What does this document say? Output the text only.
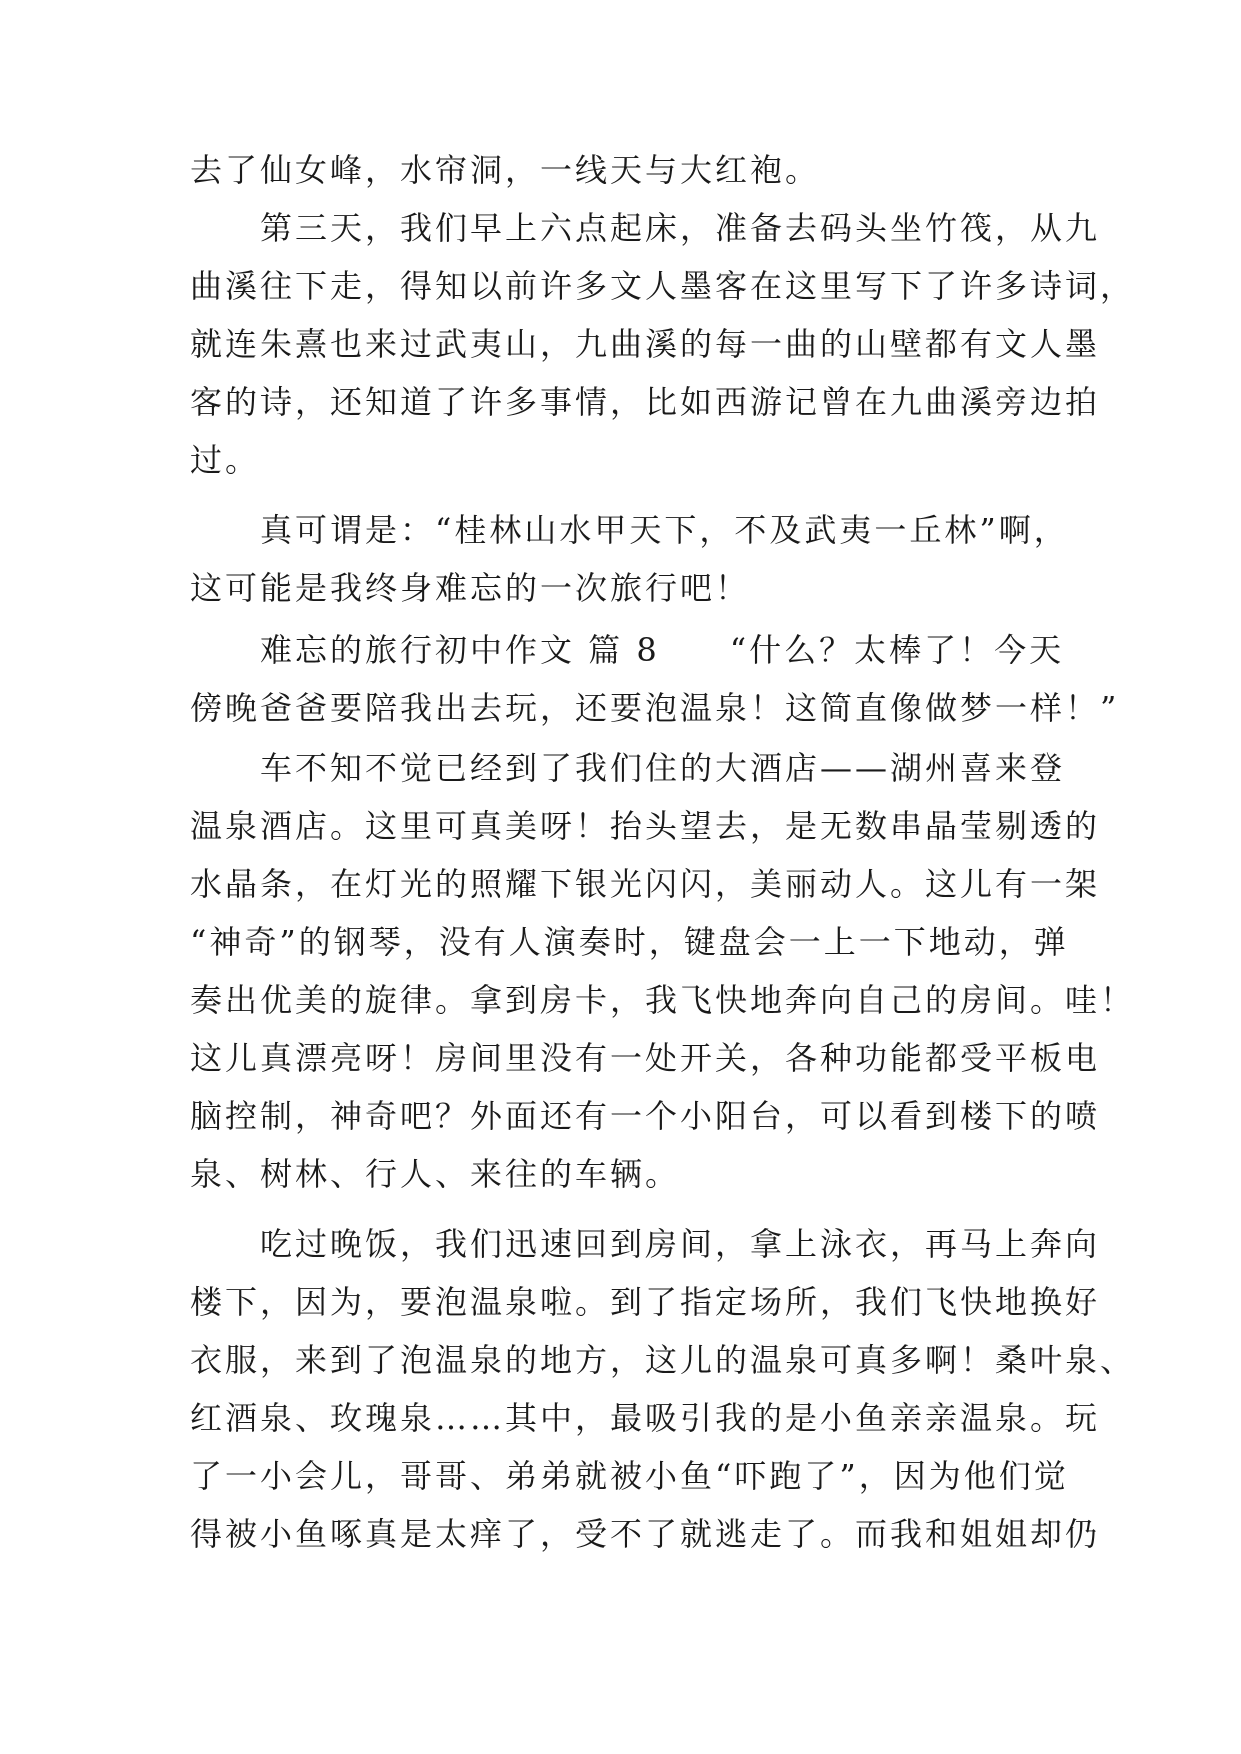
去了仙女峰，水帘洞，一线天与大红袍。
　　第三天，我们早上六点起床，准备去码头坐竹筏，从九
曲溪往下走，得知以前许多文人墨客在这里写下了许多诗词，
就连朱熹也来过武夷山，九曲溪的每一曲的山壁都有文人墨
客的诗，还知道了许多事情，比如西游记曾在九曲溪旁边拍
过。
　　真可谓是：“桂林山水甲天下，不及武夷一丘林”啊，
这可能是我终身难忘的一次旅行吧！
　　难忘的旅行初中作文 篇 8　　“什么？太棒了！今天
傍晚爸爸要陪我出去玩，还要泡温泉！这简直像做梦一样！”
　　车不知不觉已经到了我们住的大酒店——湖州喜来登
温泉酒店。这里可真美呀！抬头望去，是无数串晶莹剔透的
水晶条，在灯光的照耀下银光闪闪，美丽动人。这儿有一架
“神奇”的钢琴，没有人演奏时，键盘会一上一下地动，弹
奏出优美的旋律。拿到房卡，我飞快地奔向自己的房间。哇！
这儿真漂亮呀！房间里没有一处开关，各种功能都受平板电
脑控制，神奇吧？外面还有一个小阳台，可以看到楼下的喷
泉、树林、行人、来往的车辆。
　　吃过晚饭，我们迅速回到房间，拿上泳衣，再马上奔向
楼下，因为，要泡温泉啦。到了指定场所，我们飞快地换好
衣服，来到了泡温泉的地方，这儿的温泉可真多啊！桑叶泉、
红酒泉、玫瑰泉……其中，最吸引我的是小鱼亲亲温泉。玩
了一小会儿，哥哥、弟弟就被小鱼“吓跑了”，因为他们觉
得被小鱼啄真是太痒了，受不了就逃走了。而我和姐姐却仍
